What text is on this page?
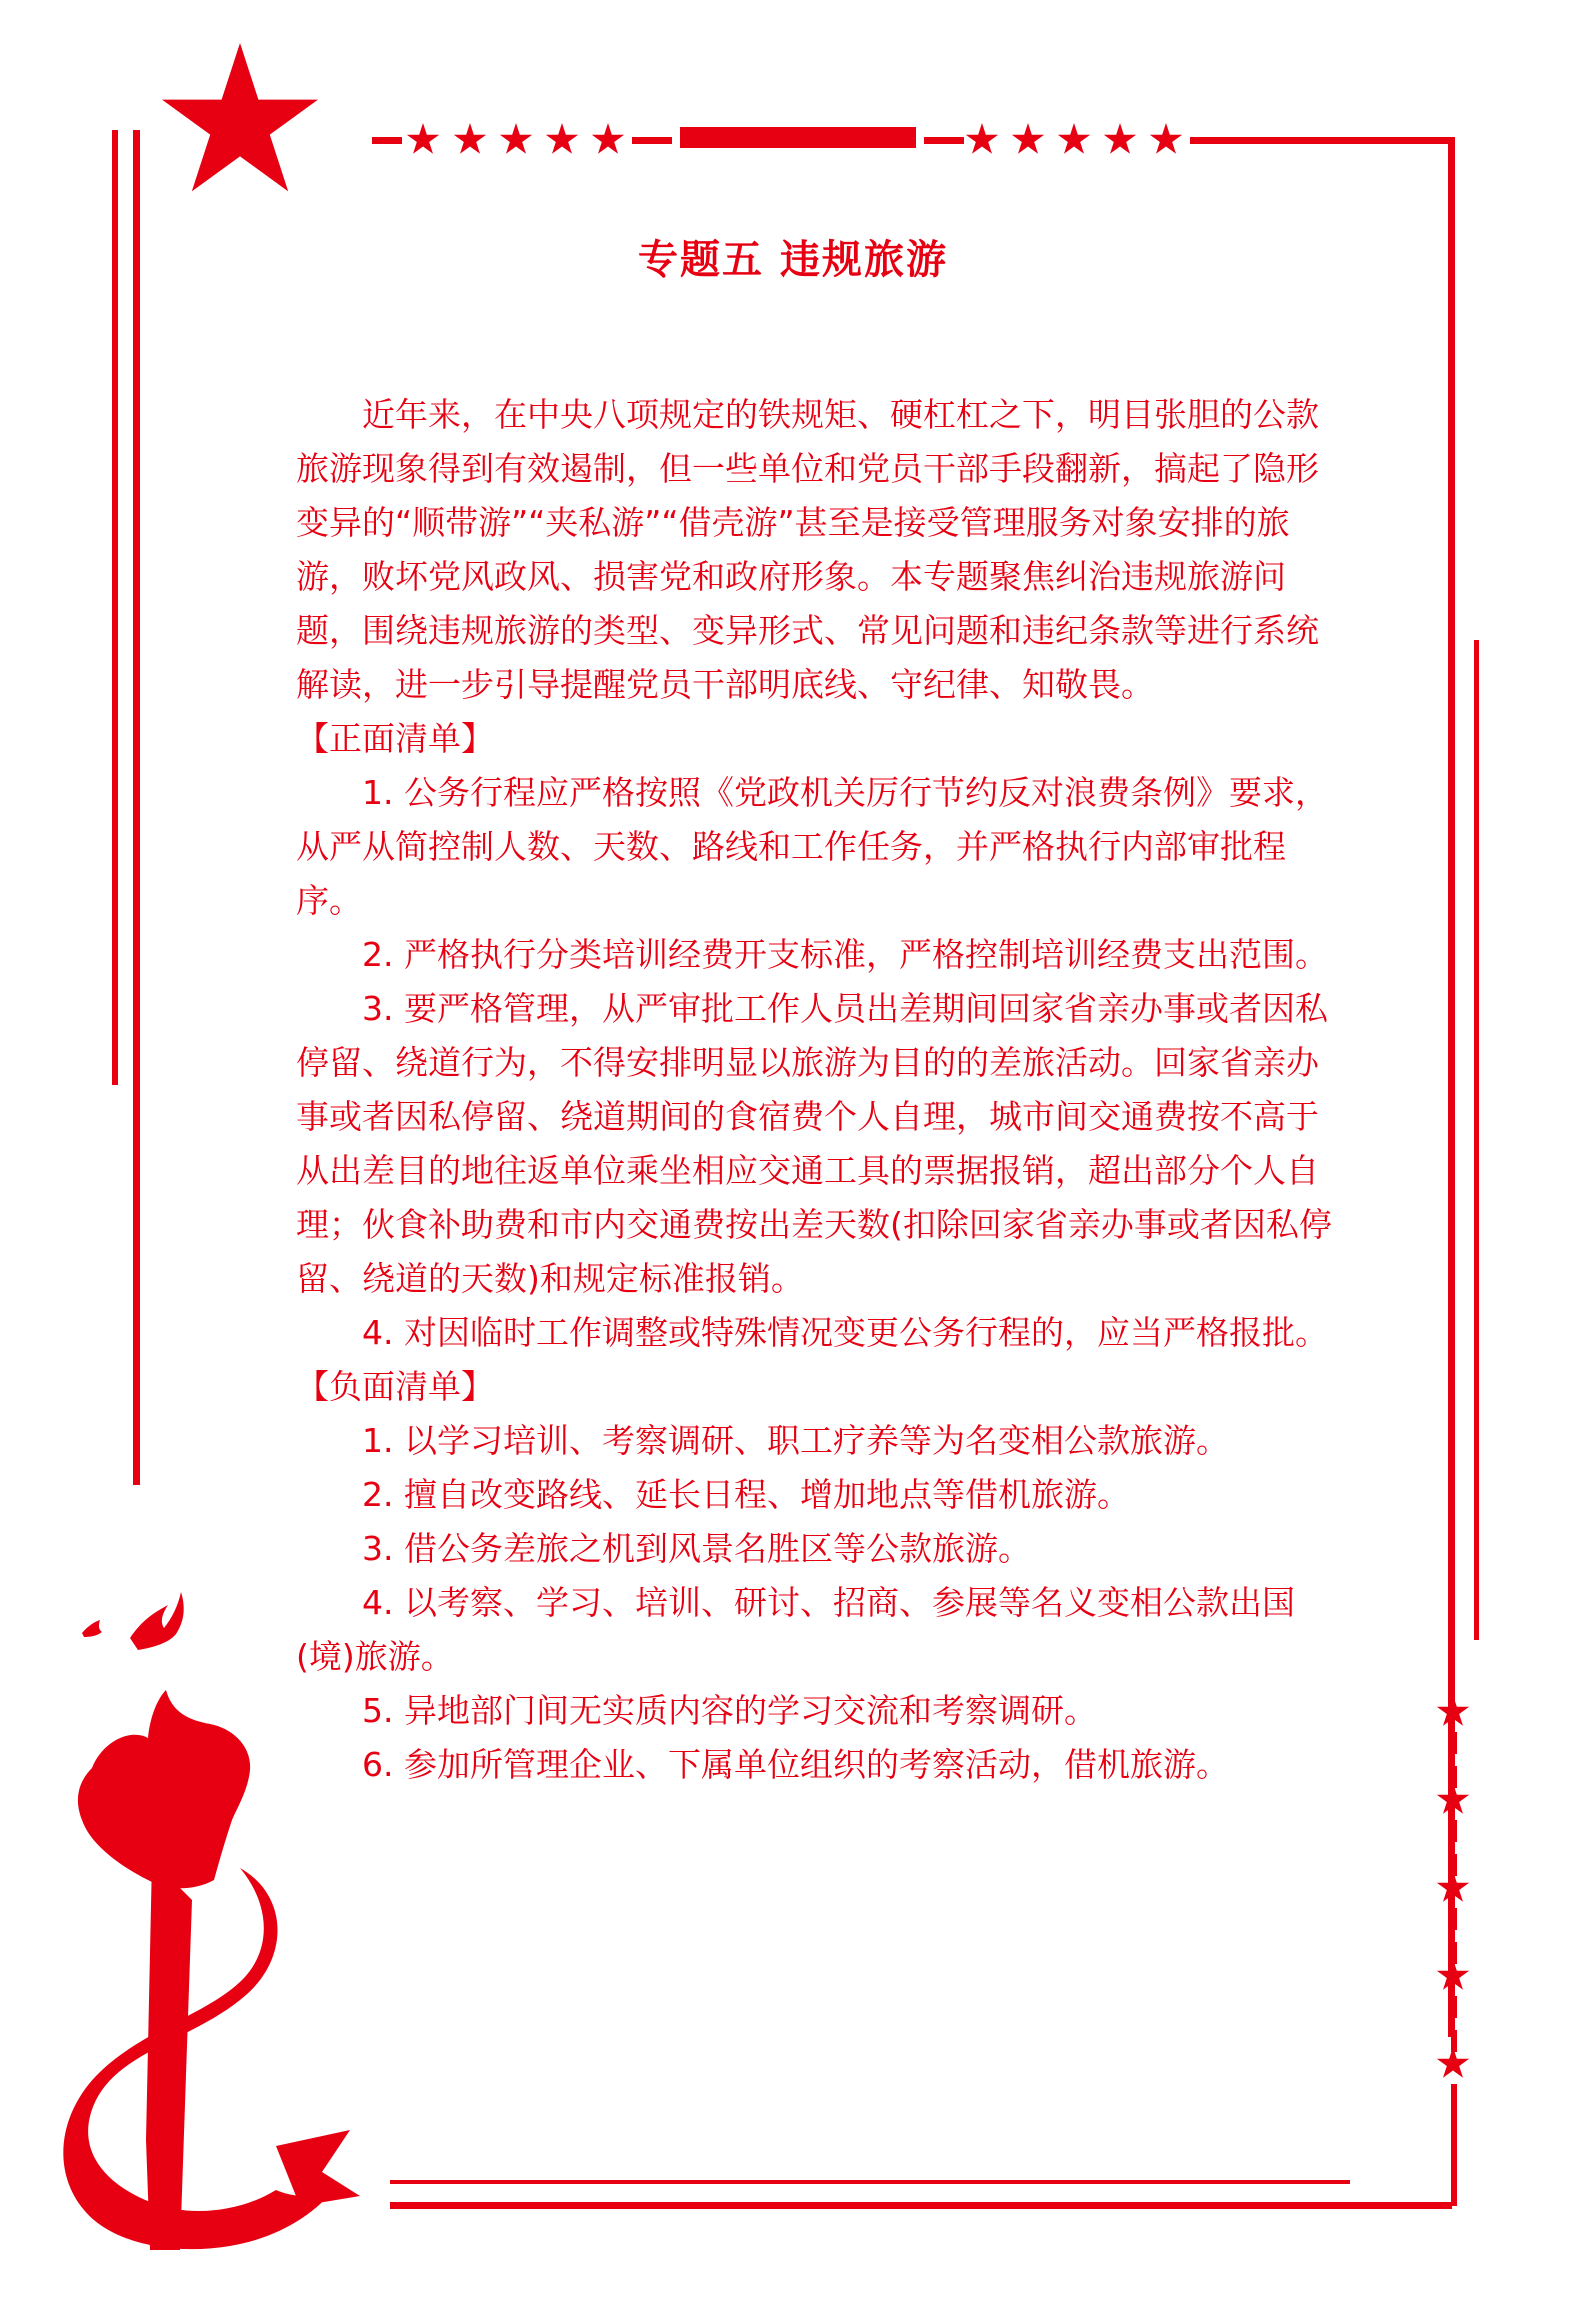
专题五 违规旅游

近年来，在中央八项规定的铁规矩、硬杠杠之下，明目张胆的公款旅游现象得到有效遏制，但一些单位和党员干部手段翻新，搞起了隐形变异的“顺带游”“夹私游”“借壳游”甚至是接受管理服务对象安排的旅游，败坏党风政风、损害党和政府形象。本专题聚焦纠治违规旅游问题，围绕违规旅游的类型、变异形式、常见问题和违纪条款等进行系统解读，进一步引导提醒党员干部明底线、守纪律、知敬畏。

【正面清单】

1. 公务行程应严格按照《党政机关厉行节约反对浪费条例》要求，从严从简控制人数、天数、路线和工作任务，并严格执行内部审批程序。

2. 严格执行分类培训经费开支标准，严格控制培训经费支出范围。

3. 要严格管理，从严审批工作人员出差期间回家省亲办事或者因私停留、绕道行为，不得安排明显以旅游为目的的差旅活动。回家省亲办事或者因私停留、绕道期间的食宿费个人自理，城市间交通费按不高于从出差目的地往返单位乘坐相应交通工具的票据报销，超出部分个人自理；伙食补助费和市内交通费按出差天数(扣除回家省亲办事或者因私停留、绕道的天数)和规定标准报销。

4. 对因临时工作调整或特殊情况变更公务行程的，应当严格报批。

【负面清单】

1. 以学习培训、考察调研、职工疗养等为名变相公款旅游。

2. 擅自改变路线、延长日程、增加地点等借机旅游。

3. 借公务差旅之机到风景名胜区等公款旅游。

4. 以考察、学习、培训、研讨、招商、参展等名义变相公款出国(境)旅游。

5. 异地部门间无实质内容的学习交流和考察调研。

6. 参加所管理企业、下属单位组织的考察活动，借机旅游。
